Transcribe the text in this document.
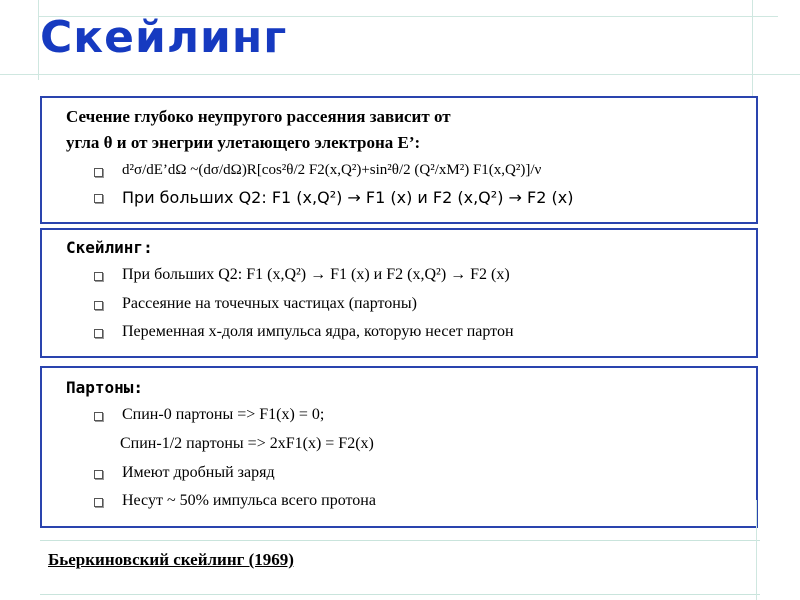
Скейлинг
Сечение глубоко неупругого рассеяния зависит от
угла θ и от энегрии улетающего электрона E’:
d²σ/dE’dΩ ~(dσ/dΩ)R[cos²θ/2 F2(x,Q²)+sin²θ/2 (Q²/xM²) F1(x,Q²)]/ν
При больших Q2: F1 (x,Q²) → F1 (x) и F2 (x,Q²) → F2 (x)
Скейлинг:
При больших Q2: F1 (x,Q²) → F1 (x) и F2 (x,Q²) → F2 (x)
Рассеяние на точечных частицах (партоны)
Переменная х-доля импульса ядра, которую несет партон
Партоны:
Спин-0 партоны => F1(x) = 0;
Спин-1/2 партоны => 2xF1(x) = F2(x)
Имеют дробный заряд
Несут ~ 50% импульса всего протона
Бьеркиновский скейлинг (1969)
